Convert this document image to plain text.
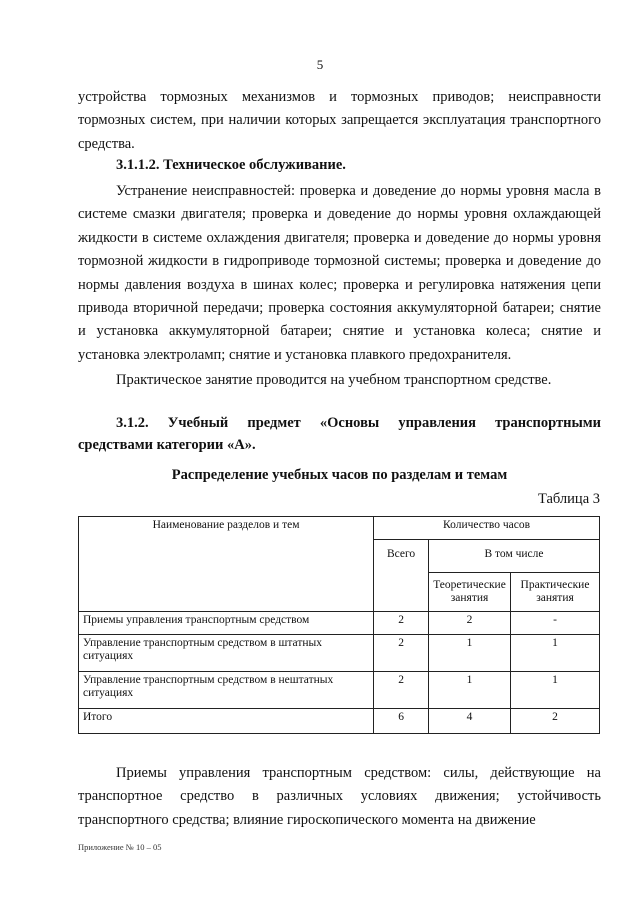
5
устройства тормозных механизмов и тормозных приводов; неисправности тормозных систем, при наличии которых запрещается эксплуатация транспортного средства.
3.1.1.2. Техническое обслуживание.
Устранение неисправностей: проверка и доведение до нормы уровня масла в системе смазки двигателя; проверка и доведение до нормы уровня охлаждающей жидкости в системе охлаждения двигателя; проверка и доведение до нормы уровня тормозной жидкости в гидроприводе тормозной системы; проверка и доведение до нормы давления воздуха в шинах колес; проверка и регулировка натяжения цепи привода вторичной передачи; проверка состояния аккумуляторной батареи; снятие и установка аккумуляторной батареи; снятие и установка колеса; снятие и установка электроламп; снятие и установка плавкого предохранителя.
Практическое занятие проводится на учебном транспортном средстве.
3.1.2. Учебный предмет «Основы управления транспортными средствами категории «А».
Распределение учебных часов по разделам и темам
Таблица 3
Наименование разделов и тем	Количество часов		
	Всего	В том числе	
		Теоретические занятия	Практические занятия
Приемы управления транспортным средством	2	2	-
Управление транспортным средством в штатных ситуациях	2	1	1
Управление транспортным средством в нештатных ситуациях	2	1	1
Итого	6	4	2
Приемы управления транспортным средством: силы, действующие на транспортное средство в различных условиях движения; устойчивость транспортного средства; влияние гироскопического момента на движение
Приложение № 10 – 05
